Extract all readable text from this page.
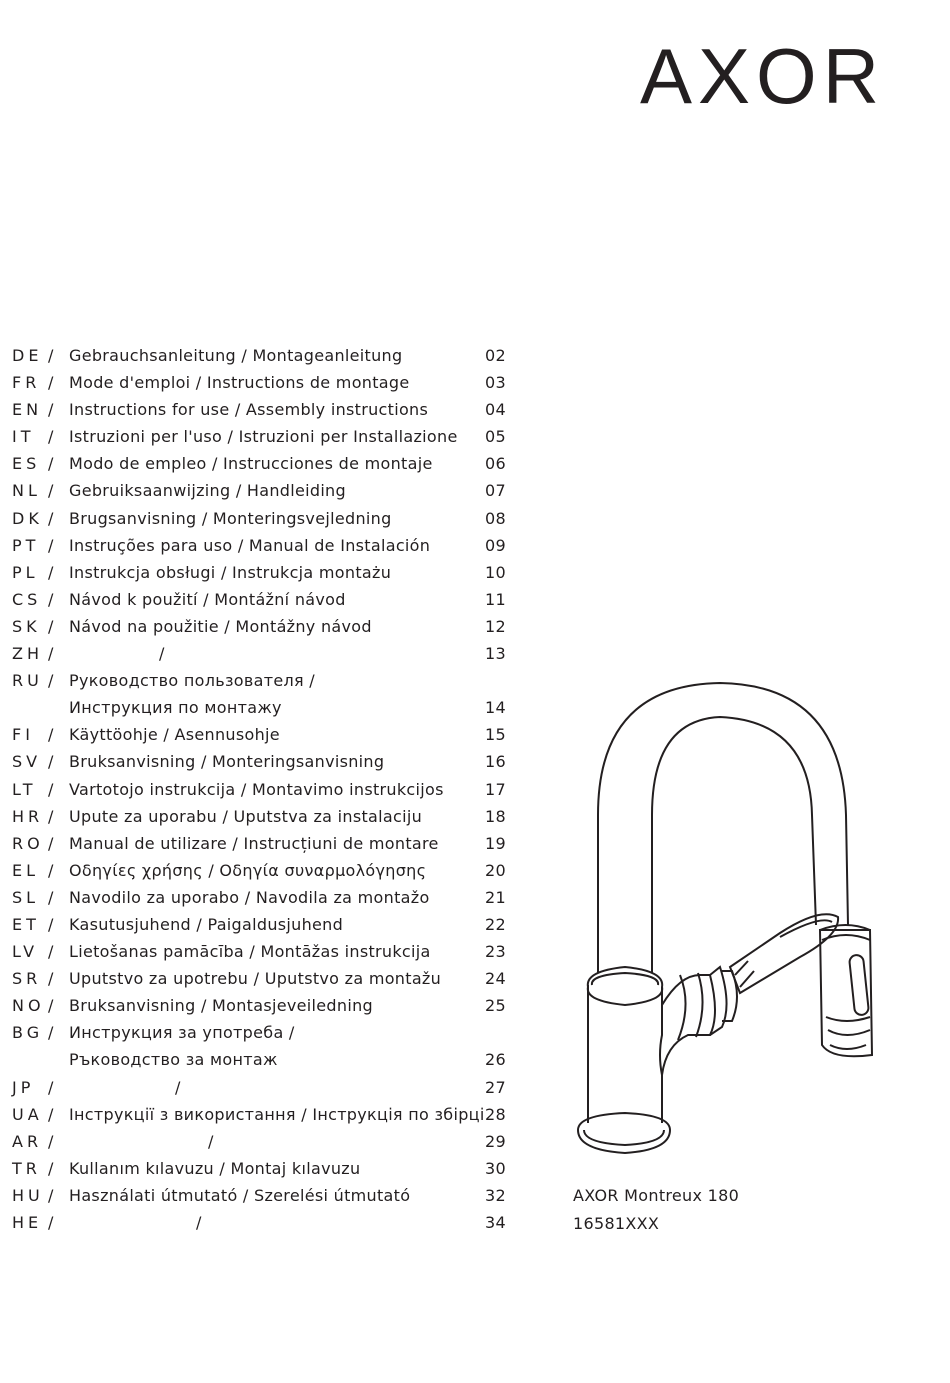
AXOR
DE / Gebrauchsanleitung / Montageanleitung	02
FR / Mode d'emploi / Instructions de montage	03
EN / Instructions for use / Assembly instructions	04
IT / Istruzioni per l'uso / Istruzioni per Installazione 05
ES / Modo de empleo / Instrucciones de montaje	06
NL / Gebruiksaanwijzing / Handleiding	07
DK / Brugsanvisning / Monteringsvejledning	08
PT / Instruções para uso / Manual de Instalación	09
PL / Instrukcja obsługi / Instrukcja montażu	10
CS / Návod k použití / Montážní návod	11
SK / Návod na použitie / Montážny návod	12
ZH /	/	13
RU / Руководство пользователя /
Инструкция по монтажу	14
FI / Käyttöohje / Asennusohje	15
SV / Bruksanvisning / Monteringsanvisning	16
LT / Vartotojo instrukcija / Montavimo instrukcijos	17
HR / Upute za uporabu / Uputstva za instalaciju	18
RO / Manual de utilizare / Instrucțiuni de montare	19
EL / Οδηγίες χρήσης / Οδηγία συναρμολόγησης	20
SL / Navodilo za uporabo / Navodila za montažo	21
ET / Kasutusjuhend / Paigaldusjuhend	22
LV / Lietošanas pamācība / Montāžas instrukcija	23
SR / Uputstvo za upotrebu / Uputstvo za montažu	24
NO / Bruksanvisning / Montasjeveiledning	25
BG / Инструкция за употреба /
Ръководство за монтаж	26
JP /	/	27
UA / Інструкції з використання / Інструкція по збірці 28
AR /	/	29
TR / Kullanım kılavuzu / Montaj kılavuzu	30
HU / Használati útmutató / Szerelési útmutató	32
HE /	/	34
AXOR Montreux 180
16581XXX
